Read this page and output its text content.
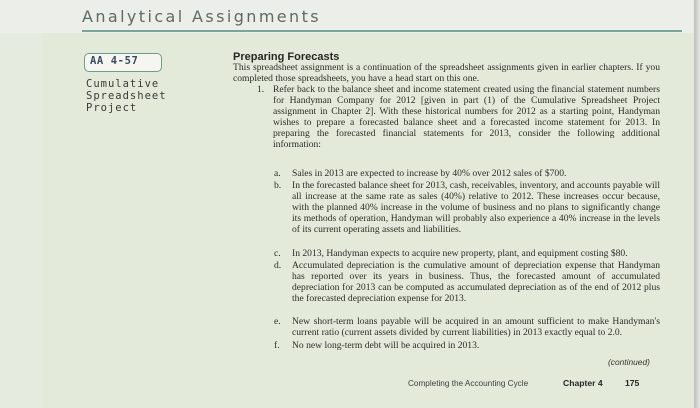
Analytical Assignments
AA 4-57
Cumulative
Spreadsheet
Project
Preparing Forecasts
This spreadsheet assignment is a continuation of the spreadsheet assignments given in earlier chapters. If you completed those spreadsheets, you have a head start on this one.
1. Refer back to the balance sheet and income statement created using the financial statement numbers for Handyman Company for 2012 [given in part (1) of the Cumulative Spreadsheet Project assignment in Chapter 2]. With these historical numbers for 2012 as a starting point, Handyman wishes to prepare a forecasted balance sheet and a forecasted income statement for 2013. In preparing the forecasted financial statements for 2013, consider the following additional information:
a. Sales in 2013 are expected to increase by 40% over 2012 sales of $700.
b. In the forecasted balance sheet for 2013, cash, receivables, inventory, and accounts payable will all increase at the same rate as sales (40%) relative to 2012. These increases occur because, with the planned 40% increase in the volume of business and no plans to significantly change its methods of operation, Handyman will probably also experience a 40% increase in the levels of its current operating assets and liabilities.
c. In 2013, Handyman expects to acquire new property, plant, and equipment costing $80.
d. Accumulated depreciation is the cumulative amount of depreciation expense that Handyman has reported over its years in business. Thus, the forecasted amount of accumulated depreciation for 2013 can be computed as accumulated depreciation as of the end of 2012 plus the forecasted depreciation expense for 2013.
e. New short-term loans payable will be acquired in an amount sufficient to make Handyman's current ratio (current assets divided by current liabilities) in 2013 exactly equal to 2.0.
f. No new long-term debt will be acquired in 2013.
(continued)
Completing the Accounting Cycle	Chapter 4	175
